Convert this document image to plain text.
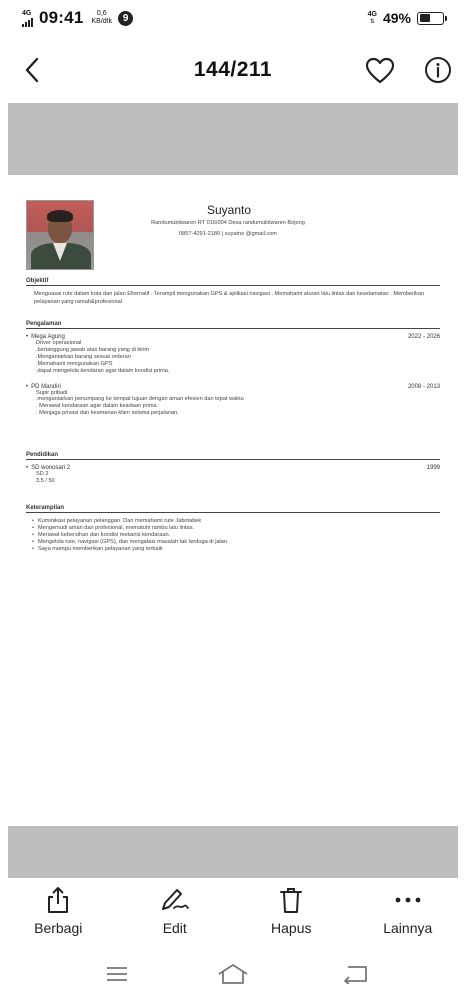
4G 09:41 0,6
KB/dtk	9	4G
⇅ 49%
144/211
Suyanto
Randumuktiwaren RT 016/004 Desa randumuktiwaren Bojong
0857-4291-2180 | suyatno @gmail.com
Objektif
Menguasai rute dalam kota dan jalan Elternatif . Terampil mengunakan GPS & aplikasi navigasi . Memahami aturan lalu lintas dan keselamatan . Memberikan pelayanan yang ramah&profesional
Pengalaman
• Mega Agung	2022 - 2026
Driver operasional
.bertanggung jawab atas barang yang di kirim
.Mengantarkan barang sesuai orderan
.Memahami mengunakan GPS
.dapat mengelola kendaran agar dalam kondisi prima.
• PD Mandiri	2008 - 2013
Supir pribadi
.mengantarkan penumpang ke tempat tujuan dengan aman efesien dan tepat waktu
. Merawat kendaraan agar dalam keadaan prima
. Menjaga privasi dan keamanan klien selama perjalanan.
Pendidikan
• SD wonosari 2	1999
SD 2
3.5 / 50
Keterampilan
• Kuminikasi pelayanan pelanggan. Dan memahami rute Jabotabek
• Mengemudi aman dan profesional, mematuhi rambu lalu lintas.
• Merawat kebersihan dan kondisi mekanis kendaraan.
• Mengelola rute, navigasi (GPS), dan mengatasi masalah tak terduga di jalan.
• Saya mampu memberikan pelayanan yang terbaik
Berbagi	Edit	Hapus	Lainnya
